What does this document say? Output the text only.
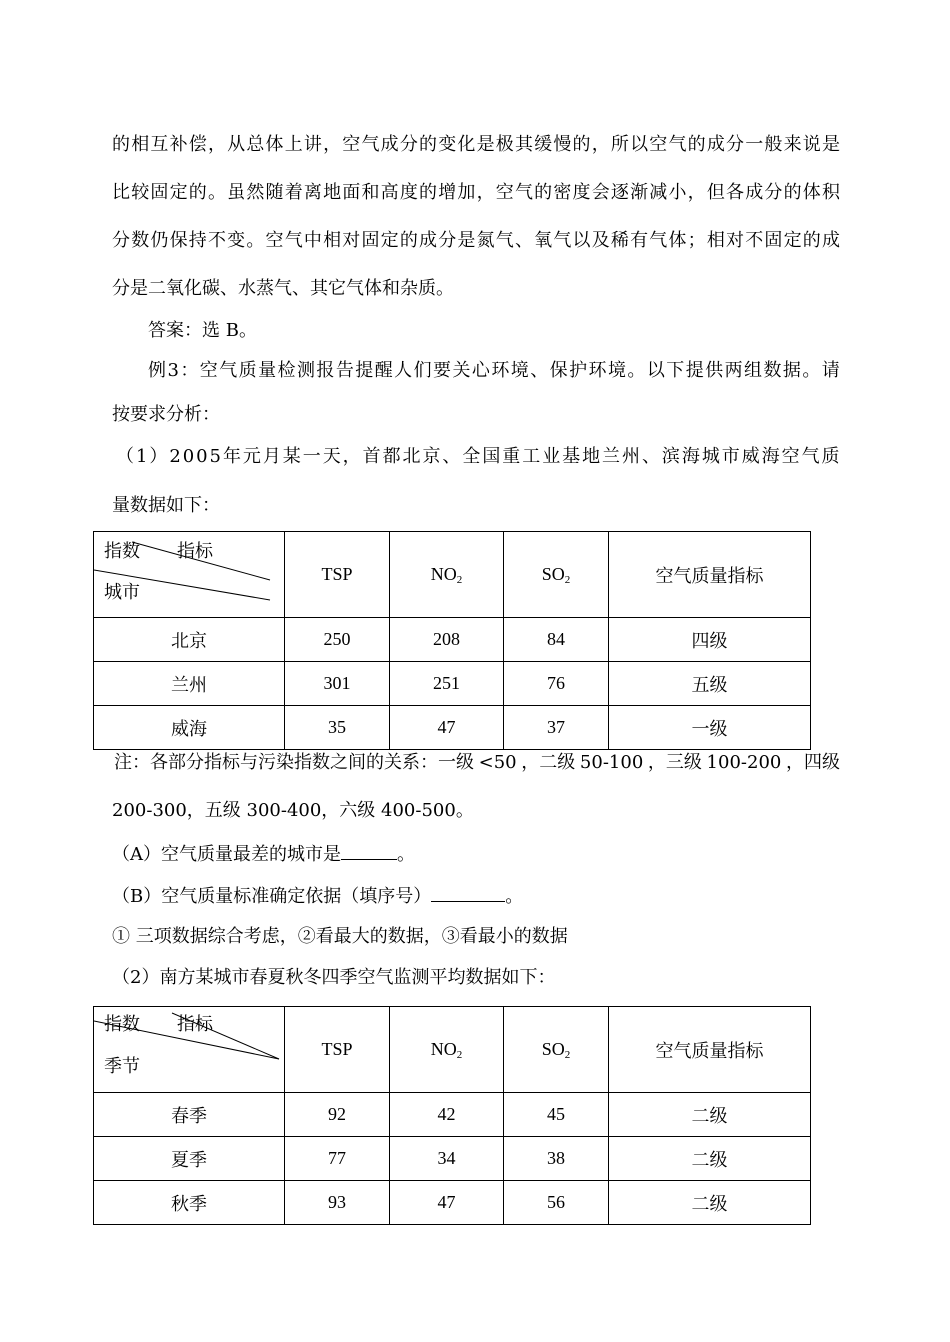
的 相 互 补 偿 ， 从 总 体 上 讲 ， 空 气 成 分 的 变 化 是 极 其 缓 慢 的 ， 所 以 空 气 的 成 分 一 般 来 说 是
比 较 固 定 的 。 虽 然 随 着 离 地 面 和 高 度 的 增 加 ， 空 气 的 密 度 会 逐 渐 减 小 ， 但 各 成 分 的 体 积
分 数 仍 保 持 不 变 。 空 气 中 相 对 固 定 的 成 分 是 氮 气 、 氧 气 以 及 稀 有 气 体 ； 相 对 不 固 定 的 成
分是二氧化碳、水蒸气、其它气体和杂质。
答案：选 B。
例 3 ： 空 气 质 量 检 测 报 告 提 醒 人 们 要 关 心 环 境 、 保 护 环 境 。 以 下 提 供 两 组 数 据 。 请
按要求分析：
（ 1 ） 2 0 0 5 年 元 月 某 一 天 ， 首 都 北 京 、 全 国 重 工 业 基 地 兰 州 、 滨 海 城 市 威 海 空 气 质
量数据如下：
指数 指标
城市	TSP	$NO_2$	$SO_2$	空气质量指标
北京	250	208	84	四级
兰州	301	251	76	五级
威海	35	47	37	一级
注：各部分指标与污染指数之间的关系：一级 <50 ，二级 50-100 ，三级 100-200 ，四级
200-300，五级 300-400，六级 400-500。
（A）空气质量最差的城市是	。
（B）空气质量标准确定依据（填序号）	。
① 三项数据综合考虑，②看最大的数据，③看最小的数据
（2）南方某城市春夏秋冬四季空气监测平均数据如下：
指数 指标
季节	TSP	$NO_2$	$SO_2$	空气质量指标
春季	92	42	45	二级
夏季	77	34	38	二级
秋季	93	47	56	二级
